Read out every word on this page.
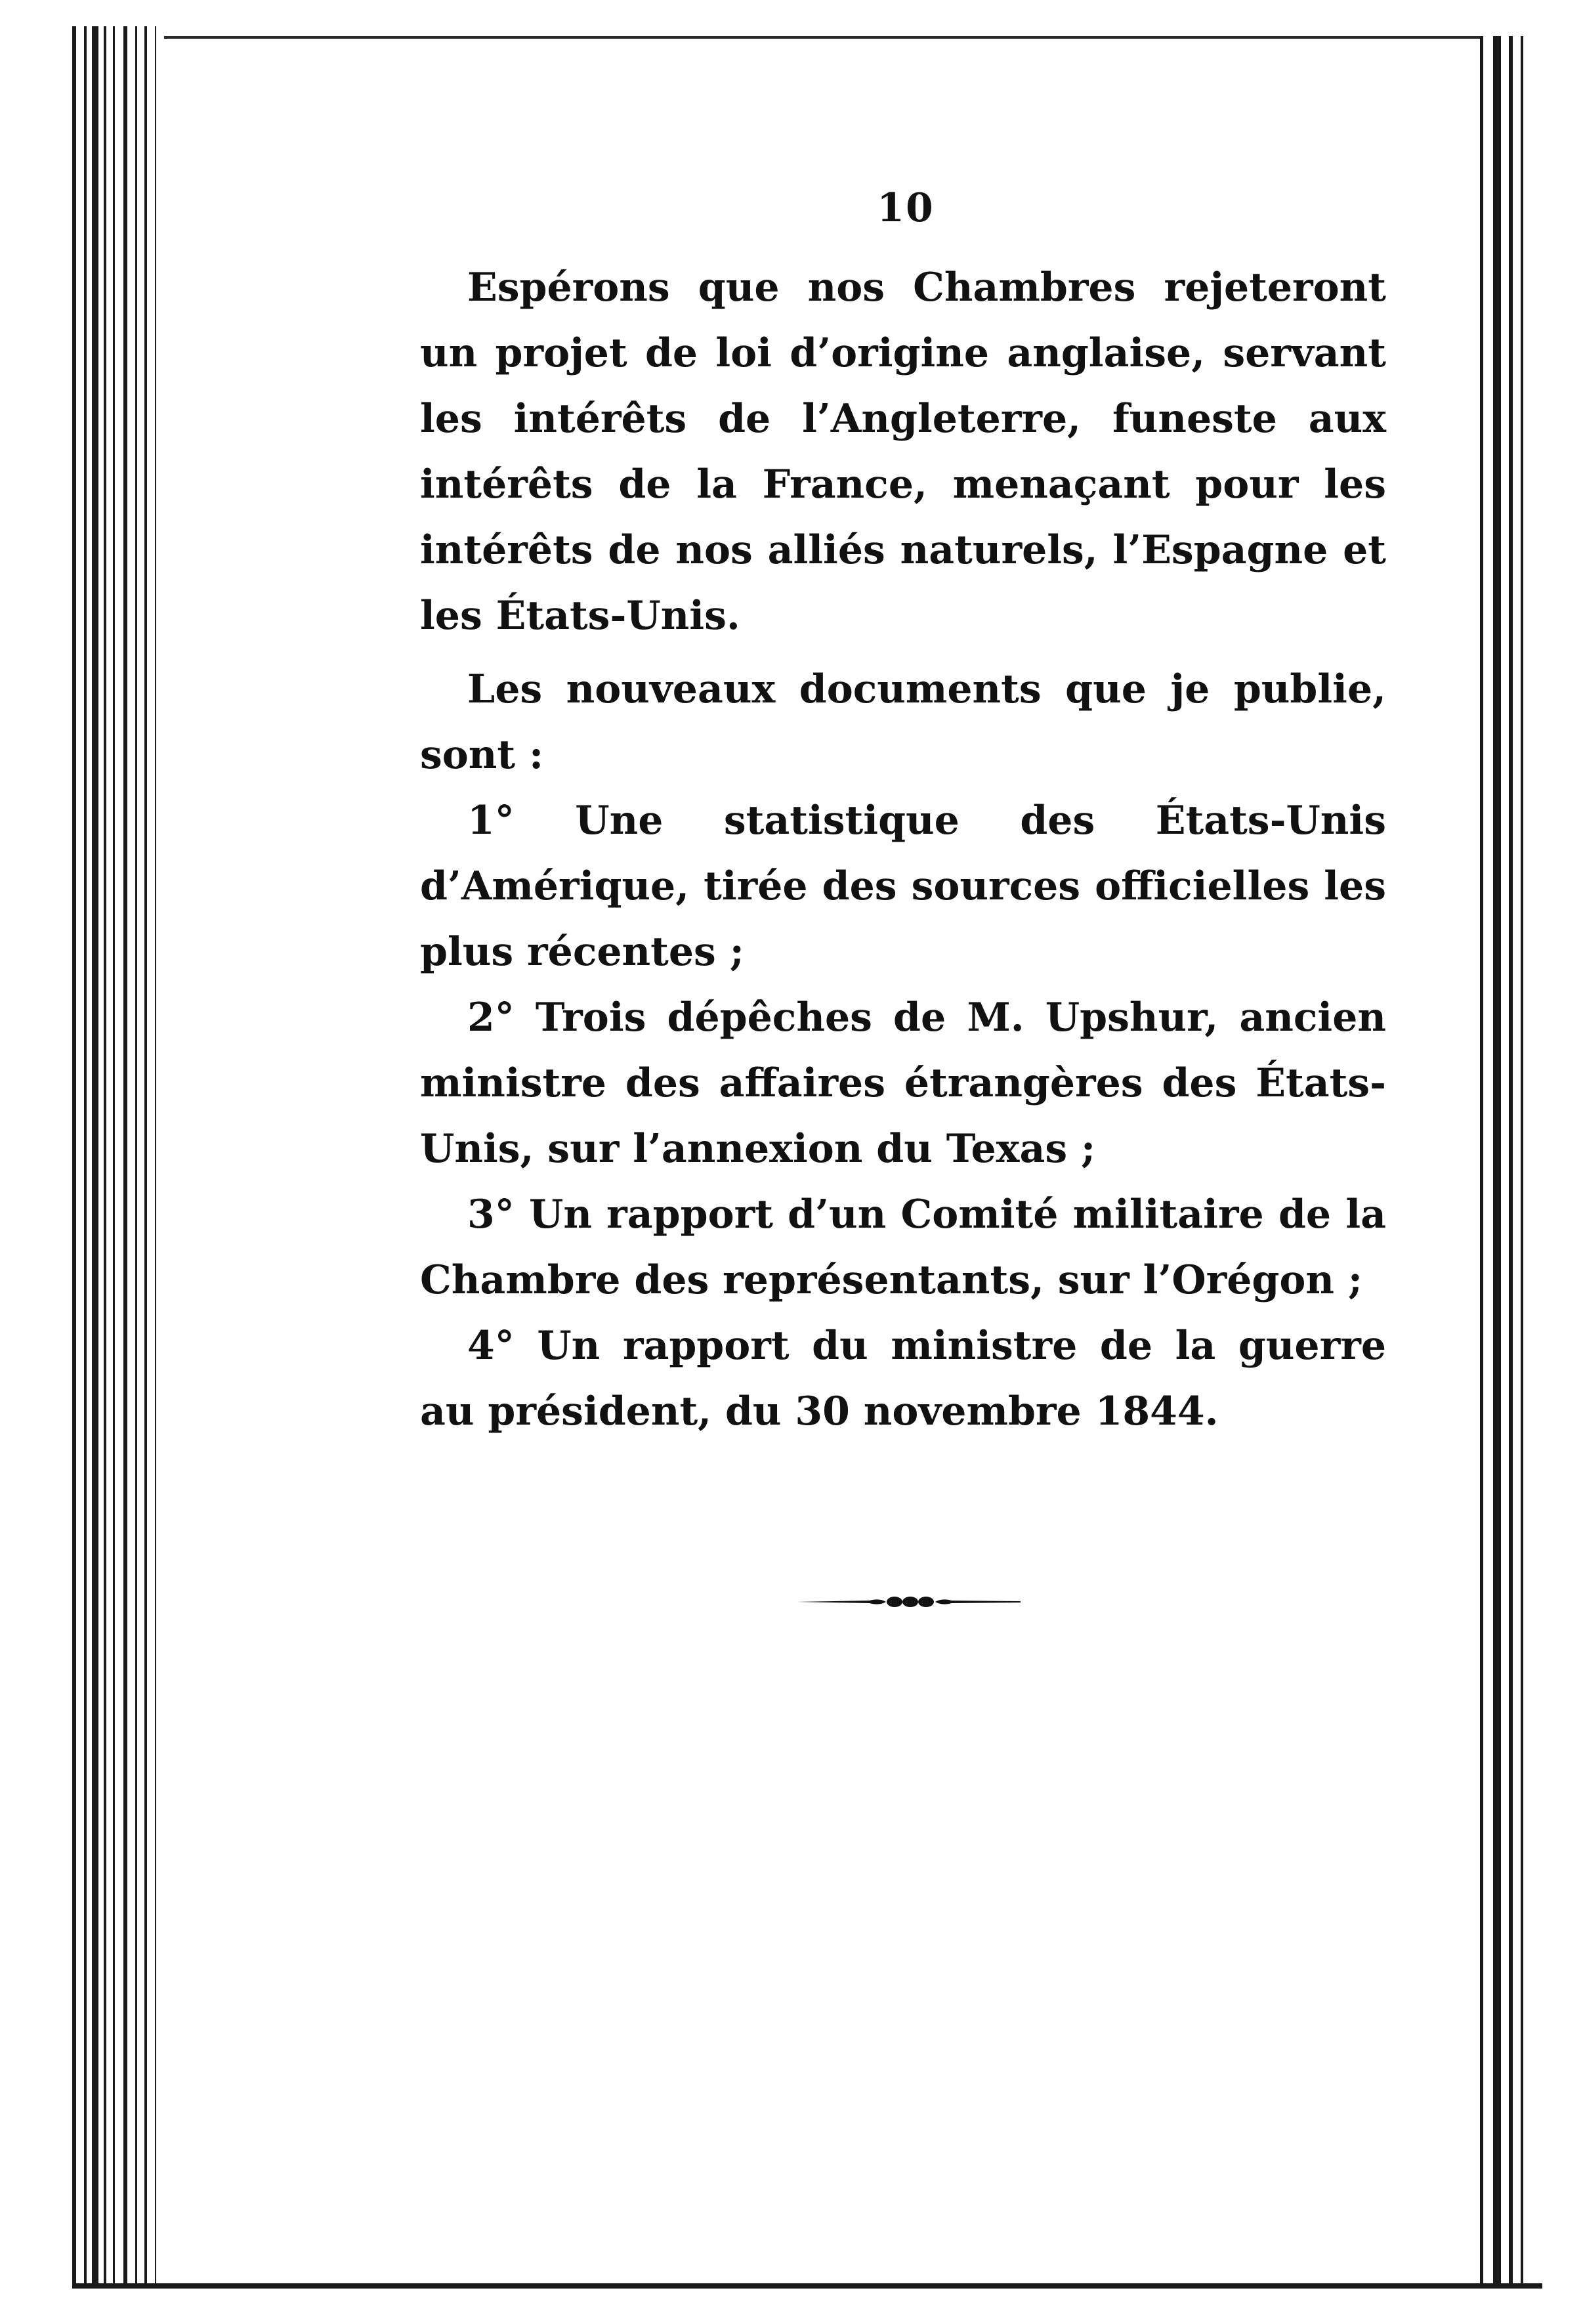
10

Espérons que nos Chambres rejeteront un projet de loi d’origine anglaise, servant les intérêts de l’Angleterre, funeste aux intérêts de la France, menaçant pour les intérêts de nos alliés naturels, l’Espagne et les États-Unis.

Les nouveaux documents que je publie, sont :

1° Une statistique des États-Unis d’Amérique, tirée des sources officielles les plus récentes ;

2° Trois dépêches de M. Upshur, ancien ministre des affaires étrangères des États-Unis, sur l’annexion du Texas ;

3° Un rapport d’un Comité militaire de la Chambre des représentants, sur l’Orégon ;

4° Un rapport du ministre de la guerre au président, du 30 novembre 1844.
